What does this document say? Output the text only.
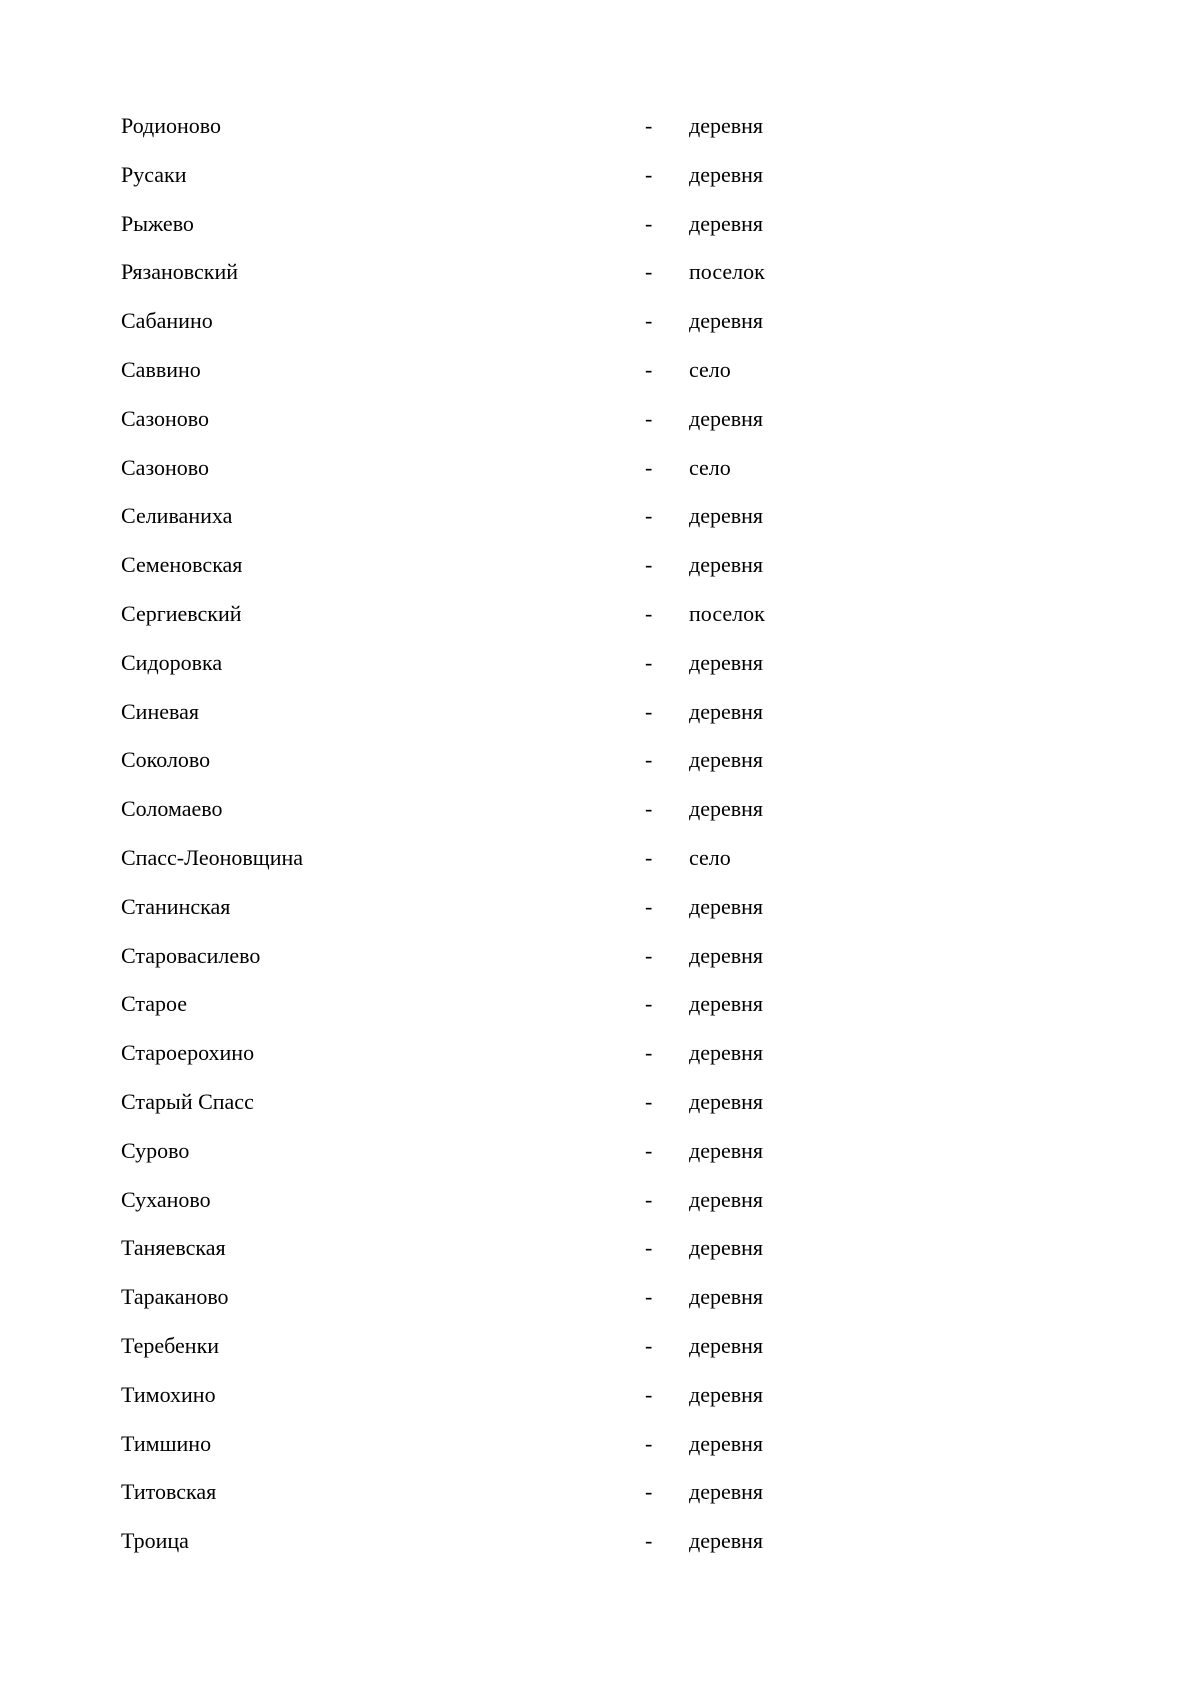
Родионово	-	деревня
Русаки	-	деревня
Рыжево	-	деревня
Рязановский	-	поселок
Сабанино	-	деревня
Саввино	-	село
Сазоново	-	деревня
Сазоново	-	село
Селиваниха	-	деревня
Семеновская	-	деревня
Сергиевский	-	поселок
Сидоровка	-	деревня
Синевая	-	деревня
Соколово	-	деревня
Соломаево	-	деревня
Спасс-Леоновщина	-	село
Станинская	-	деревня
Старовасилево	-	деревня
Старое	-	деревня
Староерохино	-	деревня
Старый Спасс	-	деревня
Сурово	-	деревня
Суханово	-	деревня
Таняевская	-	деревня
Тараканово	-	деревня
Теребенки	-	деревня
Тимохино	-	деревня
Тимшино	-	деревня
Титовская	-	деревня
Троица	-	деревня
